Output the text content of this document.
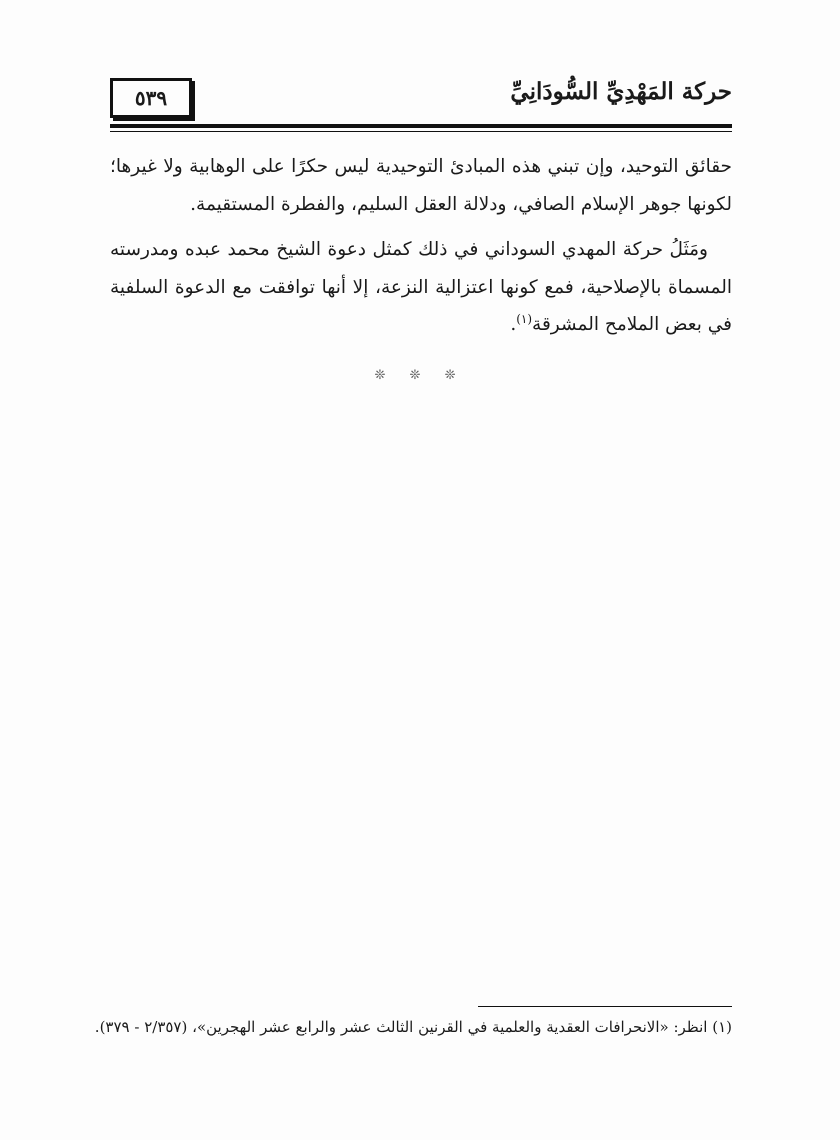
٥٣٩	حركة المَهْدِيِّ السُّودَانِيِّ

حقائق التوحيد، وإن تبني هذه المبادئ التوحيدية ليس حكرًا على الوهابية ولا غيرها؛ لكونها جوهر الإسلام الصافي، ودلالة العقل السليم، والفطرة المستقيمة.

ومَثَلُ حركة المهدي السوداني في ذلك كمثل دعوة الشيخ محمد عبده ومدرسته المسماة بالإصلاحية، فمع كونها اعتزالية النزعة، إلا أنها توافقت مع الدعوة السلفية في بعض الملامح المشرقة$^{(١)}$.

❊ ❊ ❊
(١) انظر: «الانحرافات العقدية والعلمية في القرنين الثالث عشر والرابع عشر الهجرين»، (٢/٣٥٧ - ٣٧٩).
